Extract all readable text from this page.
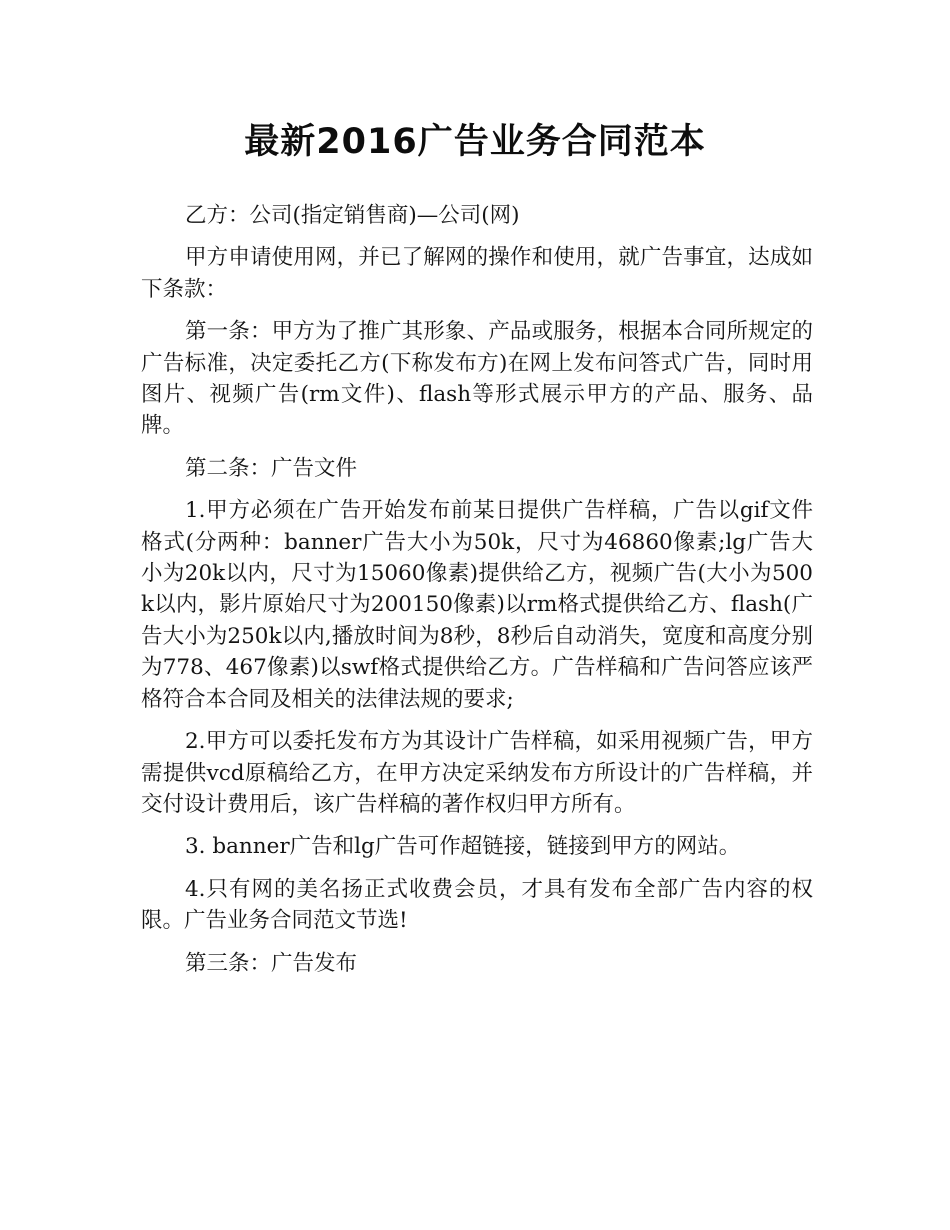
最新2016广告业务合同范本

乙方：公司(指定销售商)—公司(网)

甲方申请使用网，并已了解网的操作和使用，就广告事宜，达成如下条款：

第一条：甲方为了推广其形象、产品或服务，根据本合同所规定的广告标准，决定委托乙方(下称发布方)在网上发布问答式广告，同时用图片、视频广告(rm文件)、flash等形式展示甲方的产品、服务、品牌。

第二条：广告文件

1.甲方必须在广告开始发布前某日提供广告样稿，广告以gif文件格式(分两种：banner广告大小为50k，尺寸为46860像素;lg广告大小为20k以内，尺寸为15060像素)提供给乙方，视频广告(大小为500k以内，影片原始尺寸为200150像素)以rm格式提供给乙方、flash(广告大小为250k以内,播放时间为8秒，8秒后自动消失，宽度和高度分别为778、467像素)以swf格式提供给乙方。广告样稿和广告问答应该严格符合本合同及相关的法律法规的要求;

2.甲方可以委托发布方为其设计广告样稿，如采用视频广告，甲方需提供vcd原稿给乙方，在甲方决定采纳发布方所设计的广告样稿，并交付设计费用后，该广告样稿的著作权归甲方所有。

3. banner广告和lg广告可作超链接，链接到甲方的网站。

4.只有网的美名扬正式收费会员，才具有发布全部广告内容的权限。广告业务合同范文节选!

第三条：广告发布
